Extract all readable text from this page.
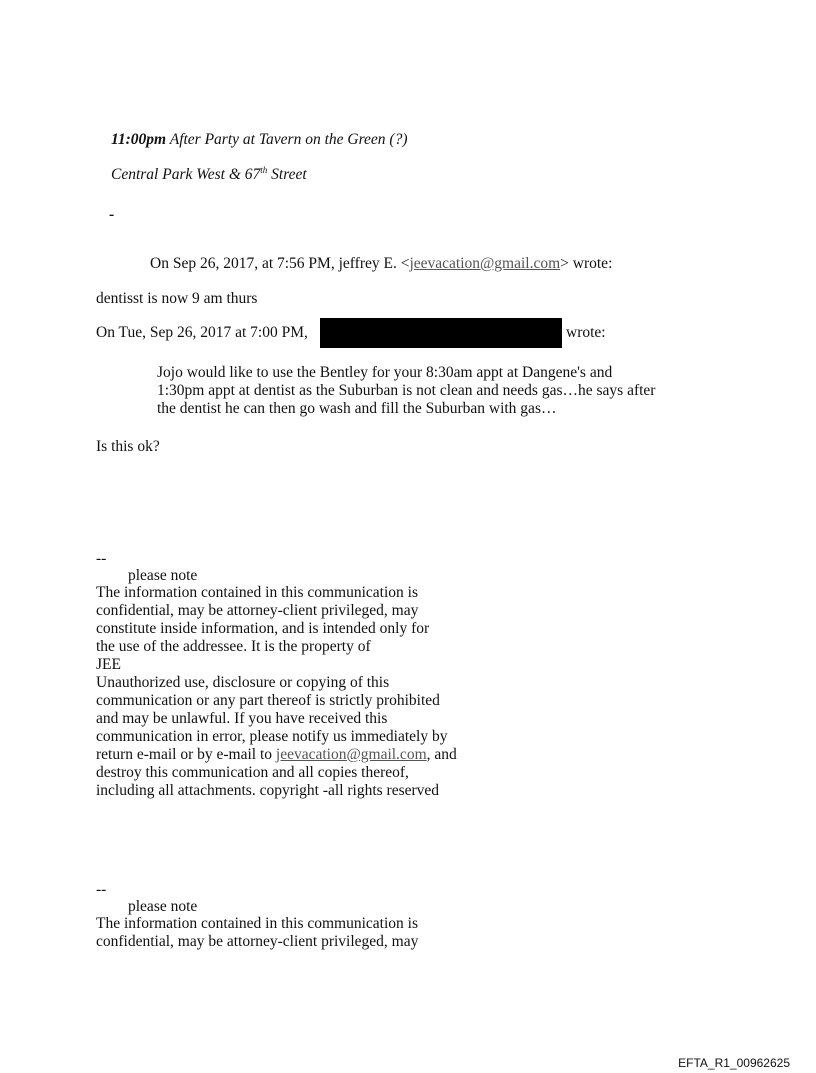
11:00pm After Party at Tavern on the Green (?)
Central Park West & 67th Street
-
On Sep 26, 2017, at 7:56 PM, jeffrey E. <jeevacation@gmail.com> wrote:
dentisst is now 9 am thurs
On Tue, Sep 26, 2017 at 7:00 PM,	wrote:
Jojo would like to use the Bentley for your 8:30am appt at Dangene's and
1:30pm appt at dentist as the Suburban is not clean and needs gas…he says after
the dentist he can then go wash and fill the Suburban with gas…
Is this ok?
--
please note
The information contained in this communication is
confidential, may be attorney-client privileged, may
constitute inside information, and is intended only for
the use of the addressee. It is the property of
JEE
Unauthorized use, disclosure or copying of this
communication or any part thereof is strictly prohibited
and may be unlawful. If you have received this
communication in error, please notify us immediately by
return e-mail or by e-mail to jeevacation@gmail.com, and
destroy this communication and all copies thereof,
including all attachments. copyright -all rights reserved
--
please note
The information contained in this communication is
confidential, may be attorney-client privileged, may
EFTA_R1_00962625
